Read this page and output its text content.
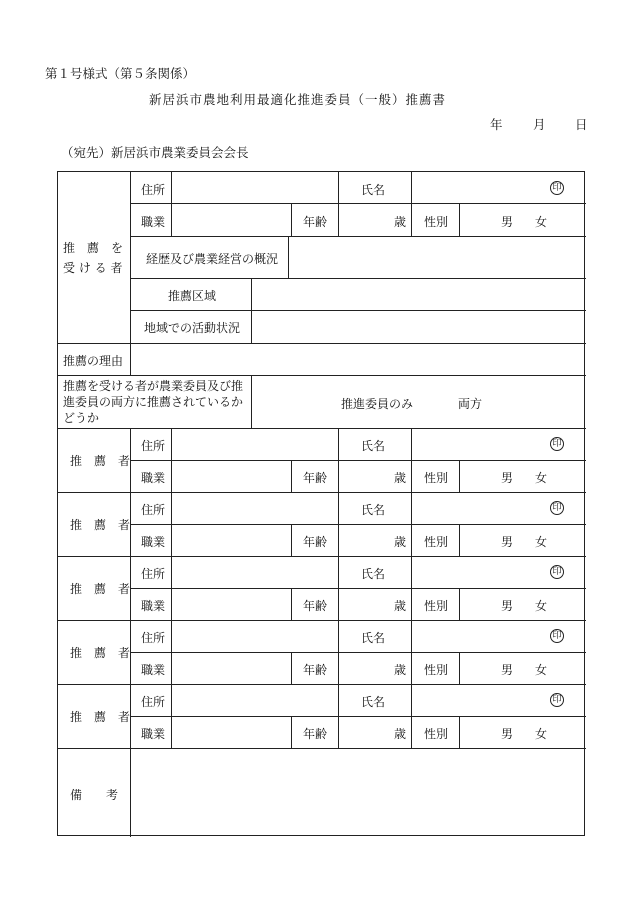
第１号様式（第５条関係）
新居浜市農地利用最適化推進委員（一般）推薦書
年 月 日
（宛先）新居浜市農業委員会会長
推　薦　を
受 け る 者
住所	氏名	印
職業	年齢	歳 性別	男 女
経歴及び農業経営の概況
推薦区域
地域での活動状況
推薦の理由
推薦を受ける者が農業委員及び推
進委員の両方に推薦されているか
どうか
推進委員のみ	両方
推　薦　者
住所	氏名	印
職業	年齢	歳 性別	男 女
推　薦　者
住所	氏名	印
職業	年齢	歳 性別	男 女
推　薦　者
住所	氏名	印
職業	年齢	歳 性別	男 女
推　薦　者
住所	氏名	印
職業	年齢	歳 性別	男 女
推　薦　者
住所	氏名	印
職業	年齢	歳 性別	男 女
備　　考
